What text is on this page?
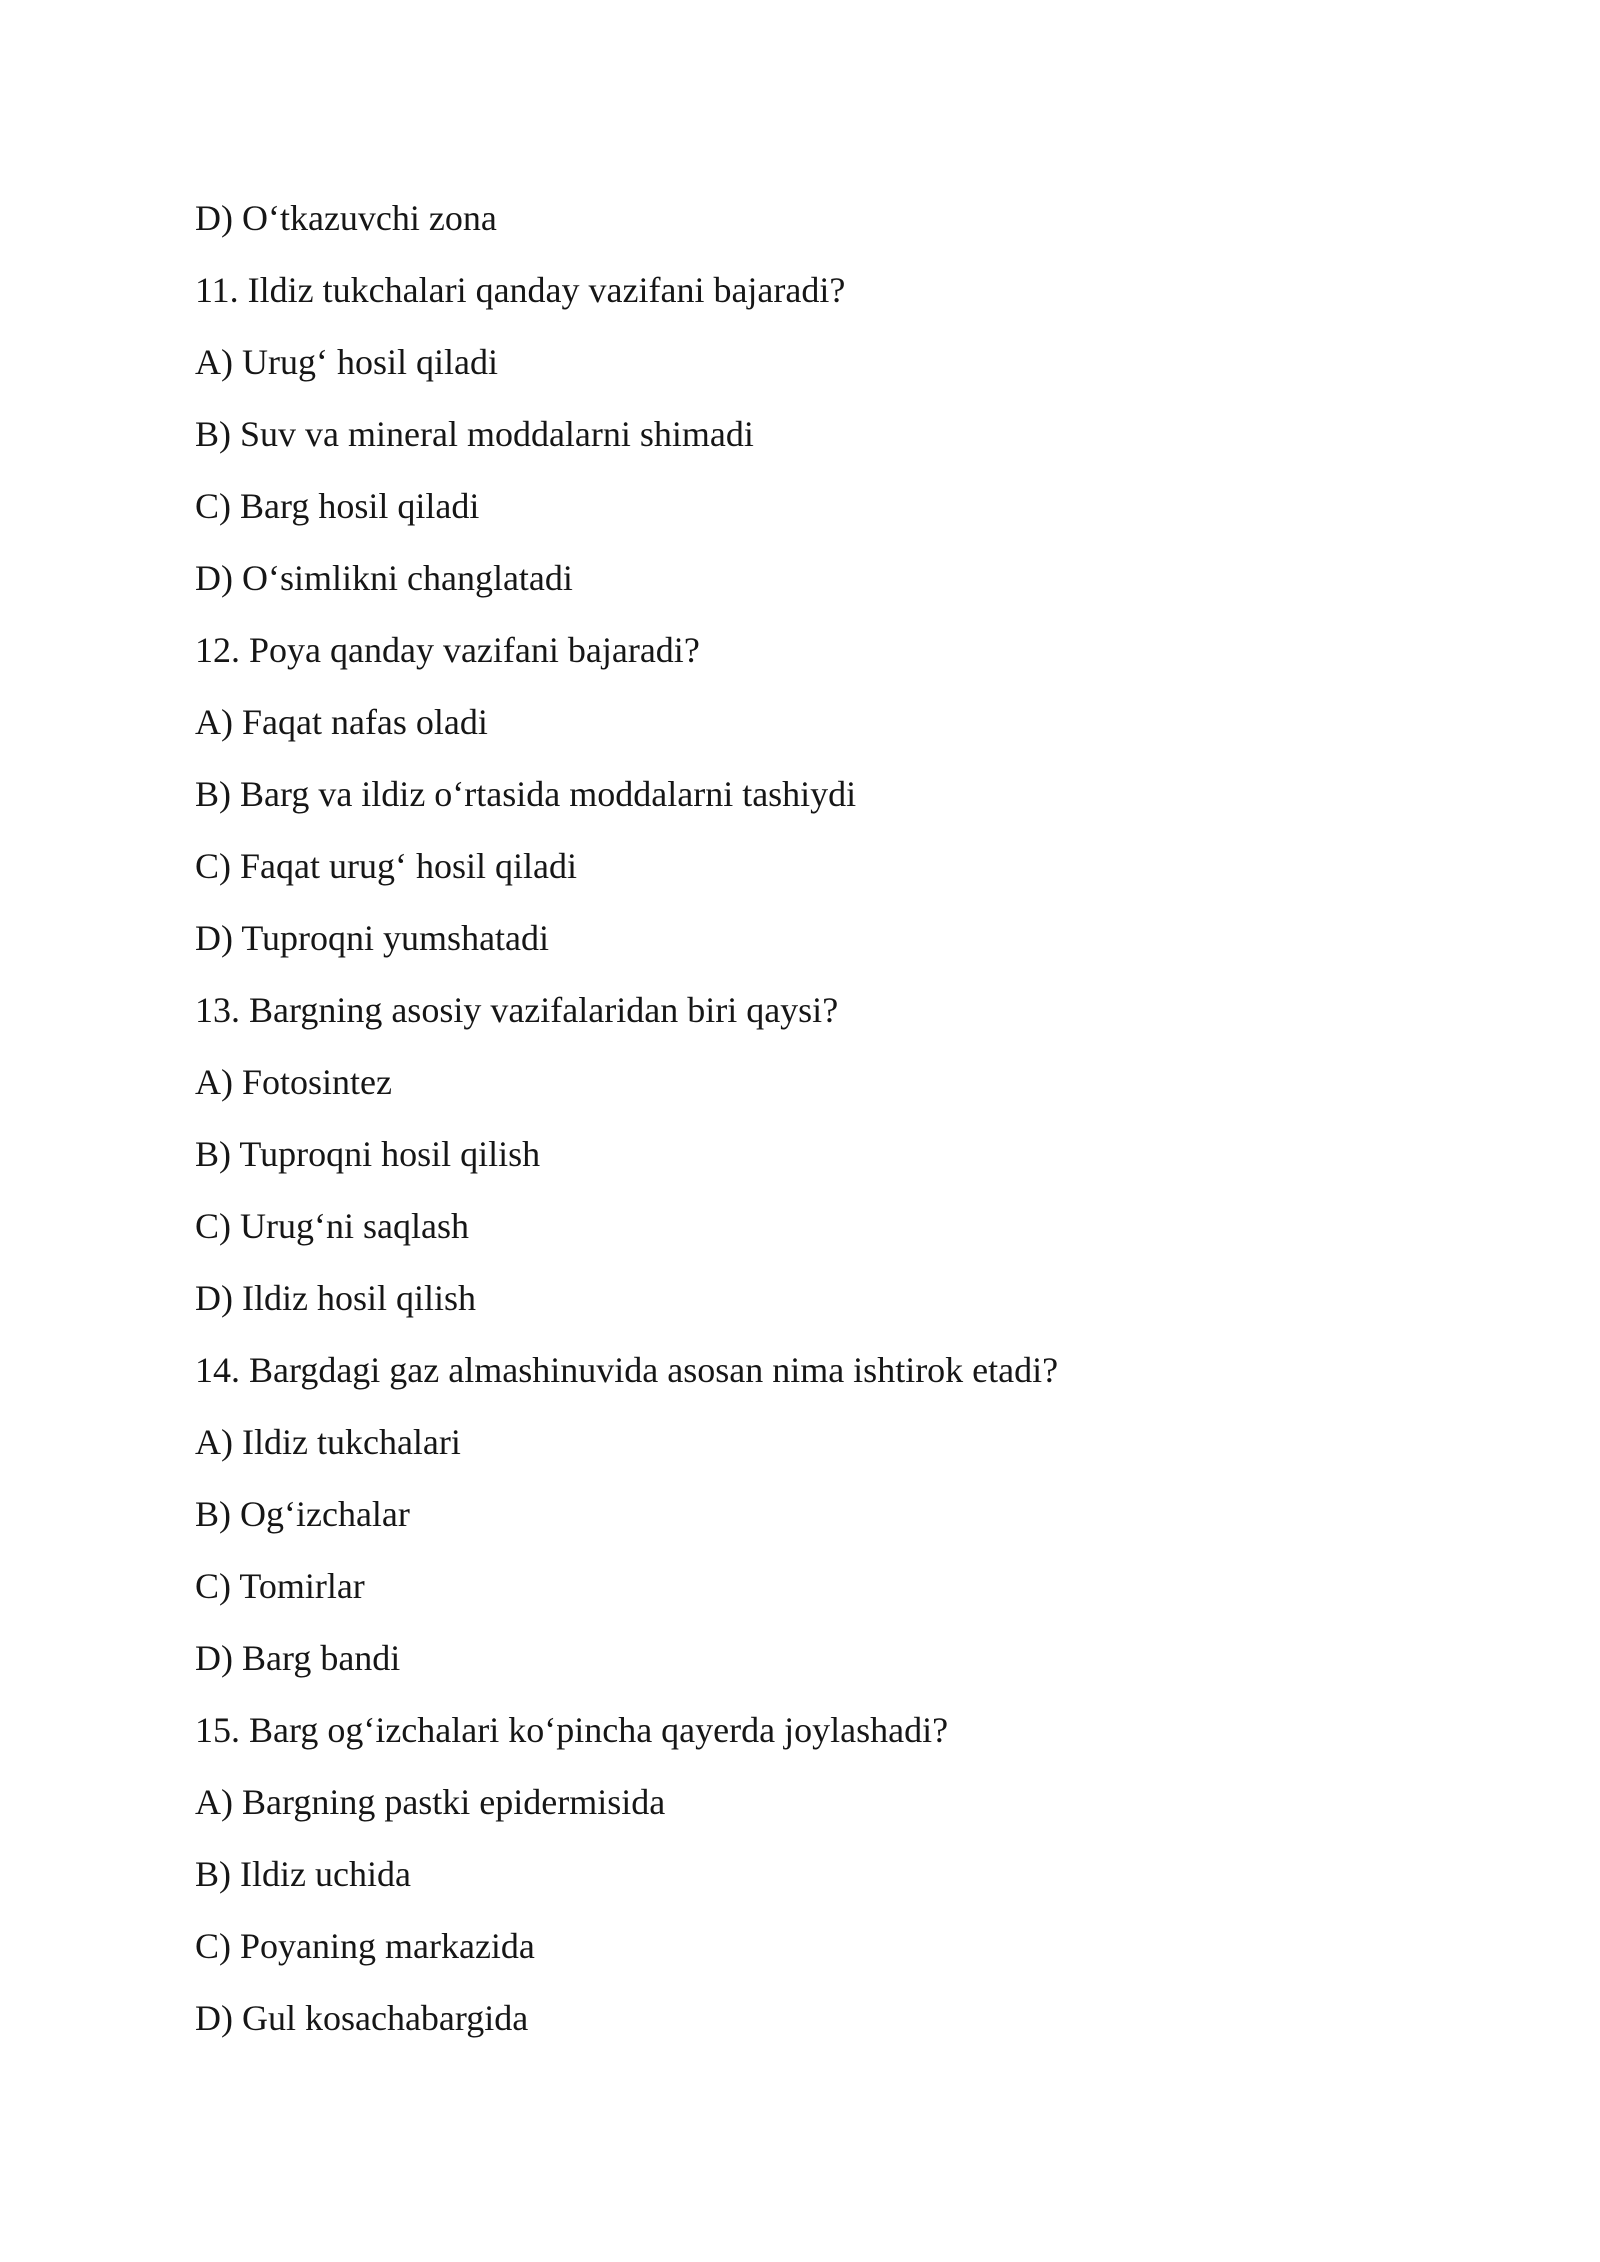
D) O‘tkazuvchi zona
11. Ildiz tukchalari qanday vazifani bajaradi?
A) Urug‘ hosil qiladi
B) Suv va mineral moddalarni shimadi
C) Barg hosil qiladi
D) O‘simlikni changlatadi
12. Poya qanday vazifani bajaradi?
A) Faqat nafas oladi
B) Barg va ildiz o‘rtasida moddalarni tashiydi
C) Faqat urug‘ hosil qiladi
D) Tuproqni yumshatadi
13. Bargning asosiy vazifalaridan biri qaysi?
A) Fotosintez
B) Tuproqni hosil qilish
C) Urug‘ni saqlash
D) Ildiz hosil qilish
14. Bargdagi gaz almashinuvida asosan nima ishtirok etadi?
A) Ildiz tukchalari
B) Og‘izchalar
C) Tomirlar
D) Barg bandi
15. Barg og‘izchalari ko‘pincha qayerda joylashadi?
A) Bargning pastki epidermisida
B) Ildiz uchida
C) Poyaning markazida
D) Gul kosachabargida
